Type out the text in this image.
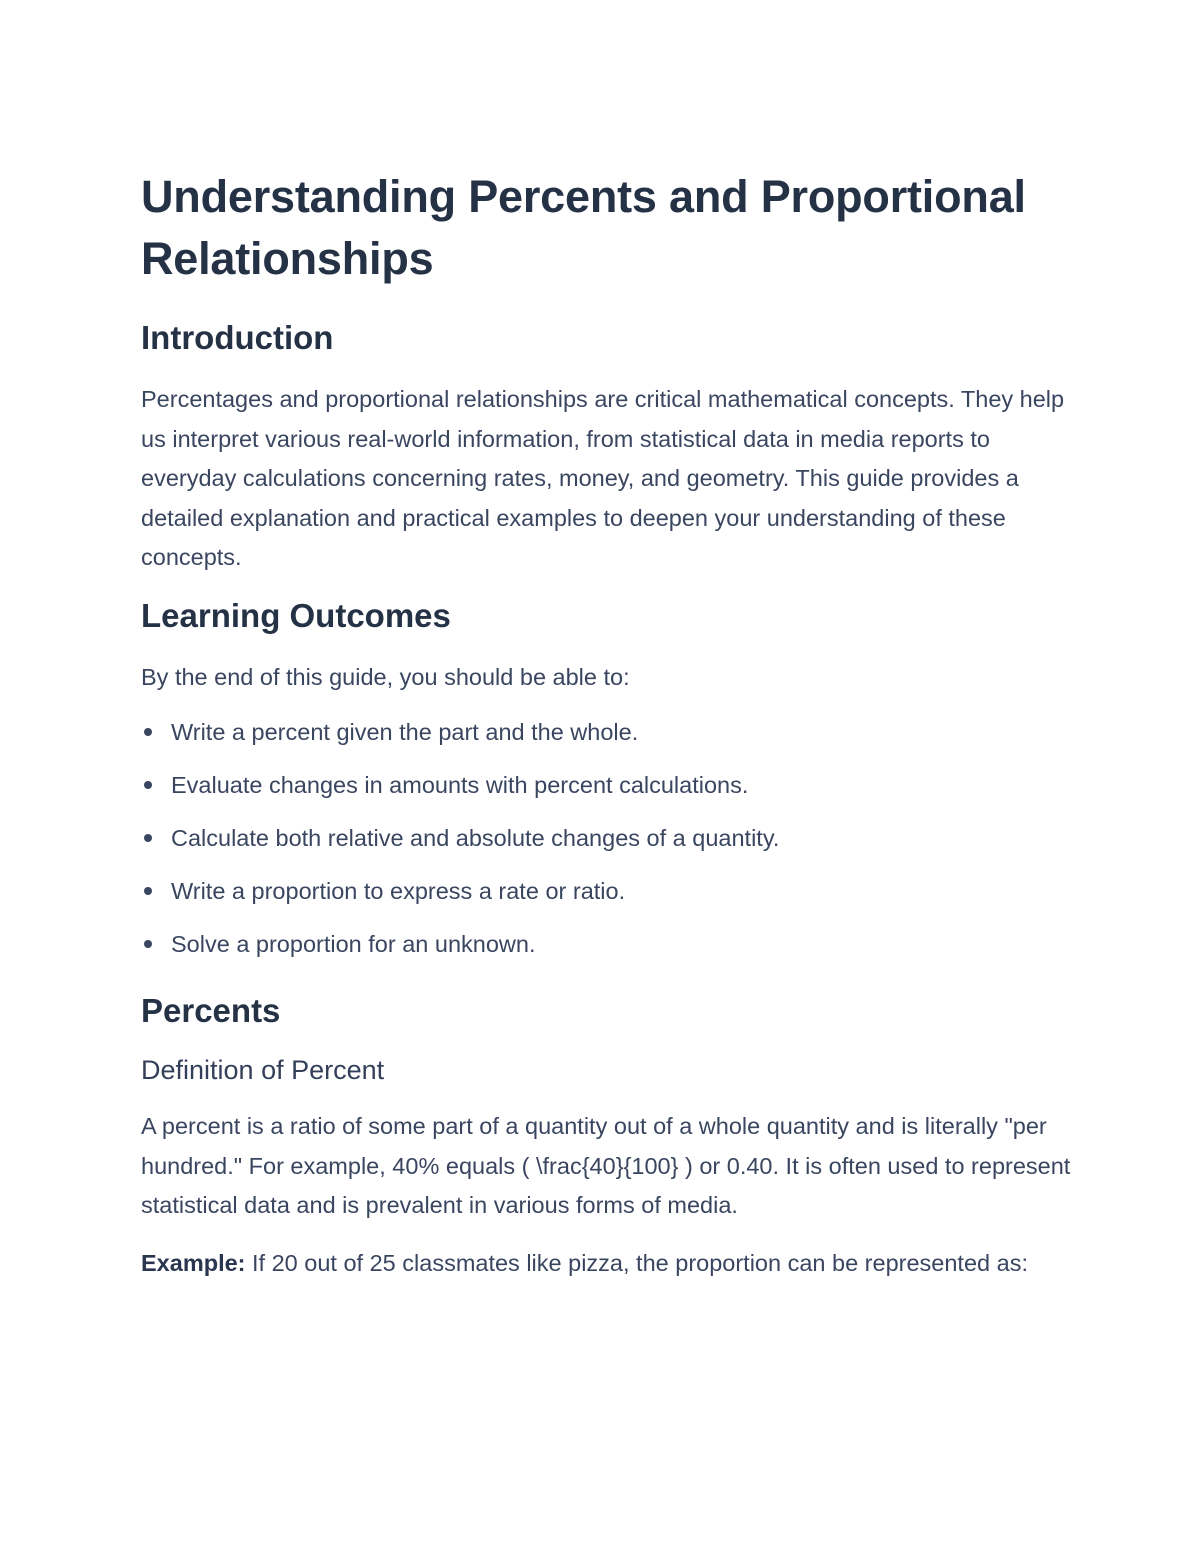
Understanding Percents and Proportional Relationships
Introduction

Percentages and proportional relationships are critical mathematical concepts. They help us interpret various real-world information, from statistical data in media reports to everyday calculations concerning rates, money, and geometry. This guide provides a detailed explanation and practical examples to deepen your understanding of these concepts.

Learning Outcomes

By the end of this guide, you should be able to:

Write a percent given the part and the whole.
Evaluate changes in amounts with percent calculations.
Calculate both relative and absolute changes of a quantity.
Write a proportion to express a rate or ratio.
Solve a proportion for an unknown.
Percents
Definition of Percent

A percent is a ratio of some part of a quantity out of a whole quantity and is literally "per hundred." For example, 40% equals ( \frac{40}{100} ) or 0.40. It is often used to represent statistical data and is prevalent in various forms of media.

Example: If 20 out of 25 classmates like pizza, the proportion can be represented as:
